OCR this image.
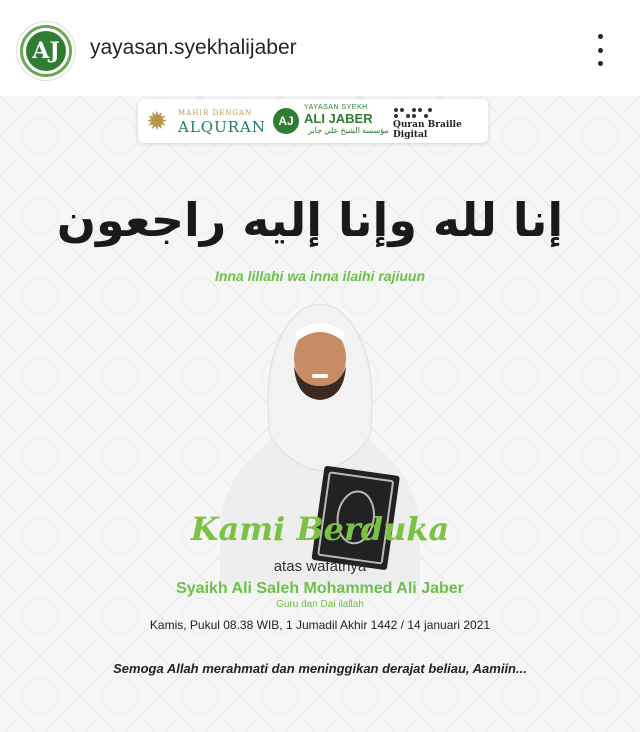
AJ yayasan.syekhalijaber
✹	MAHIR DENGAN
ALQURAN	AJ
YAYASAN SYEKH
ALI JABER
مؤسسة الشيخ علي جابر
Quran Braille Digital
إنا لله وإنا إليه راجعون
Inna lillahi wa inna ilaihi rajiuun
Kami Berduka
atas wafatnya
Syaikh Ali Saleh Mohammed Ali Jaber
Guru dan Dai ilallah
Kamis, Pukul 08.38 WIB, 1 Jumadil Akhir 1442 / 14 januari 2021
Semoga Allah merahmati dan meninggikan derajat beliau, Aamiin...
